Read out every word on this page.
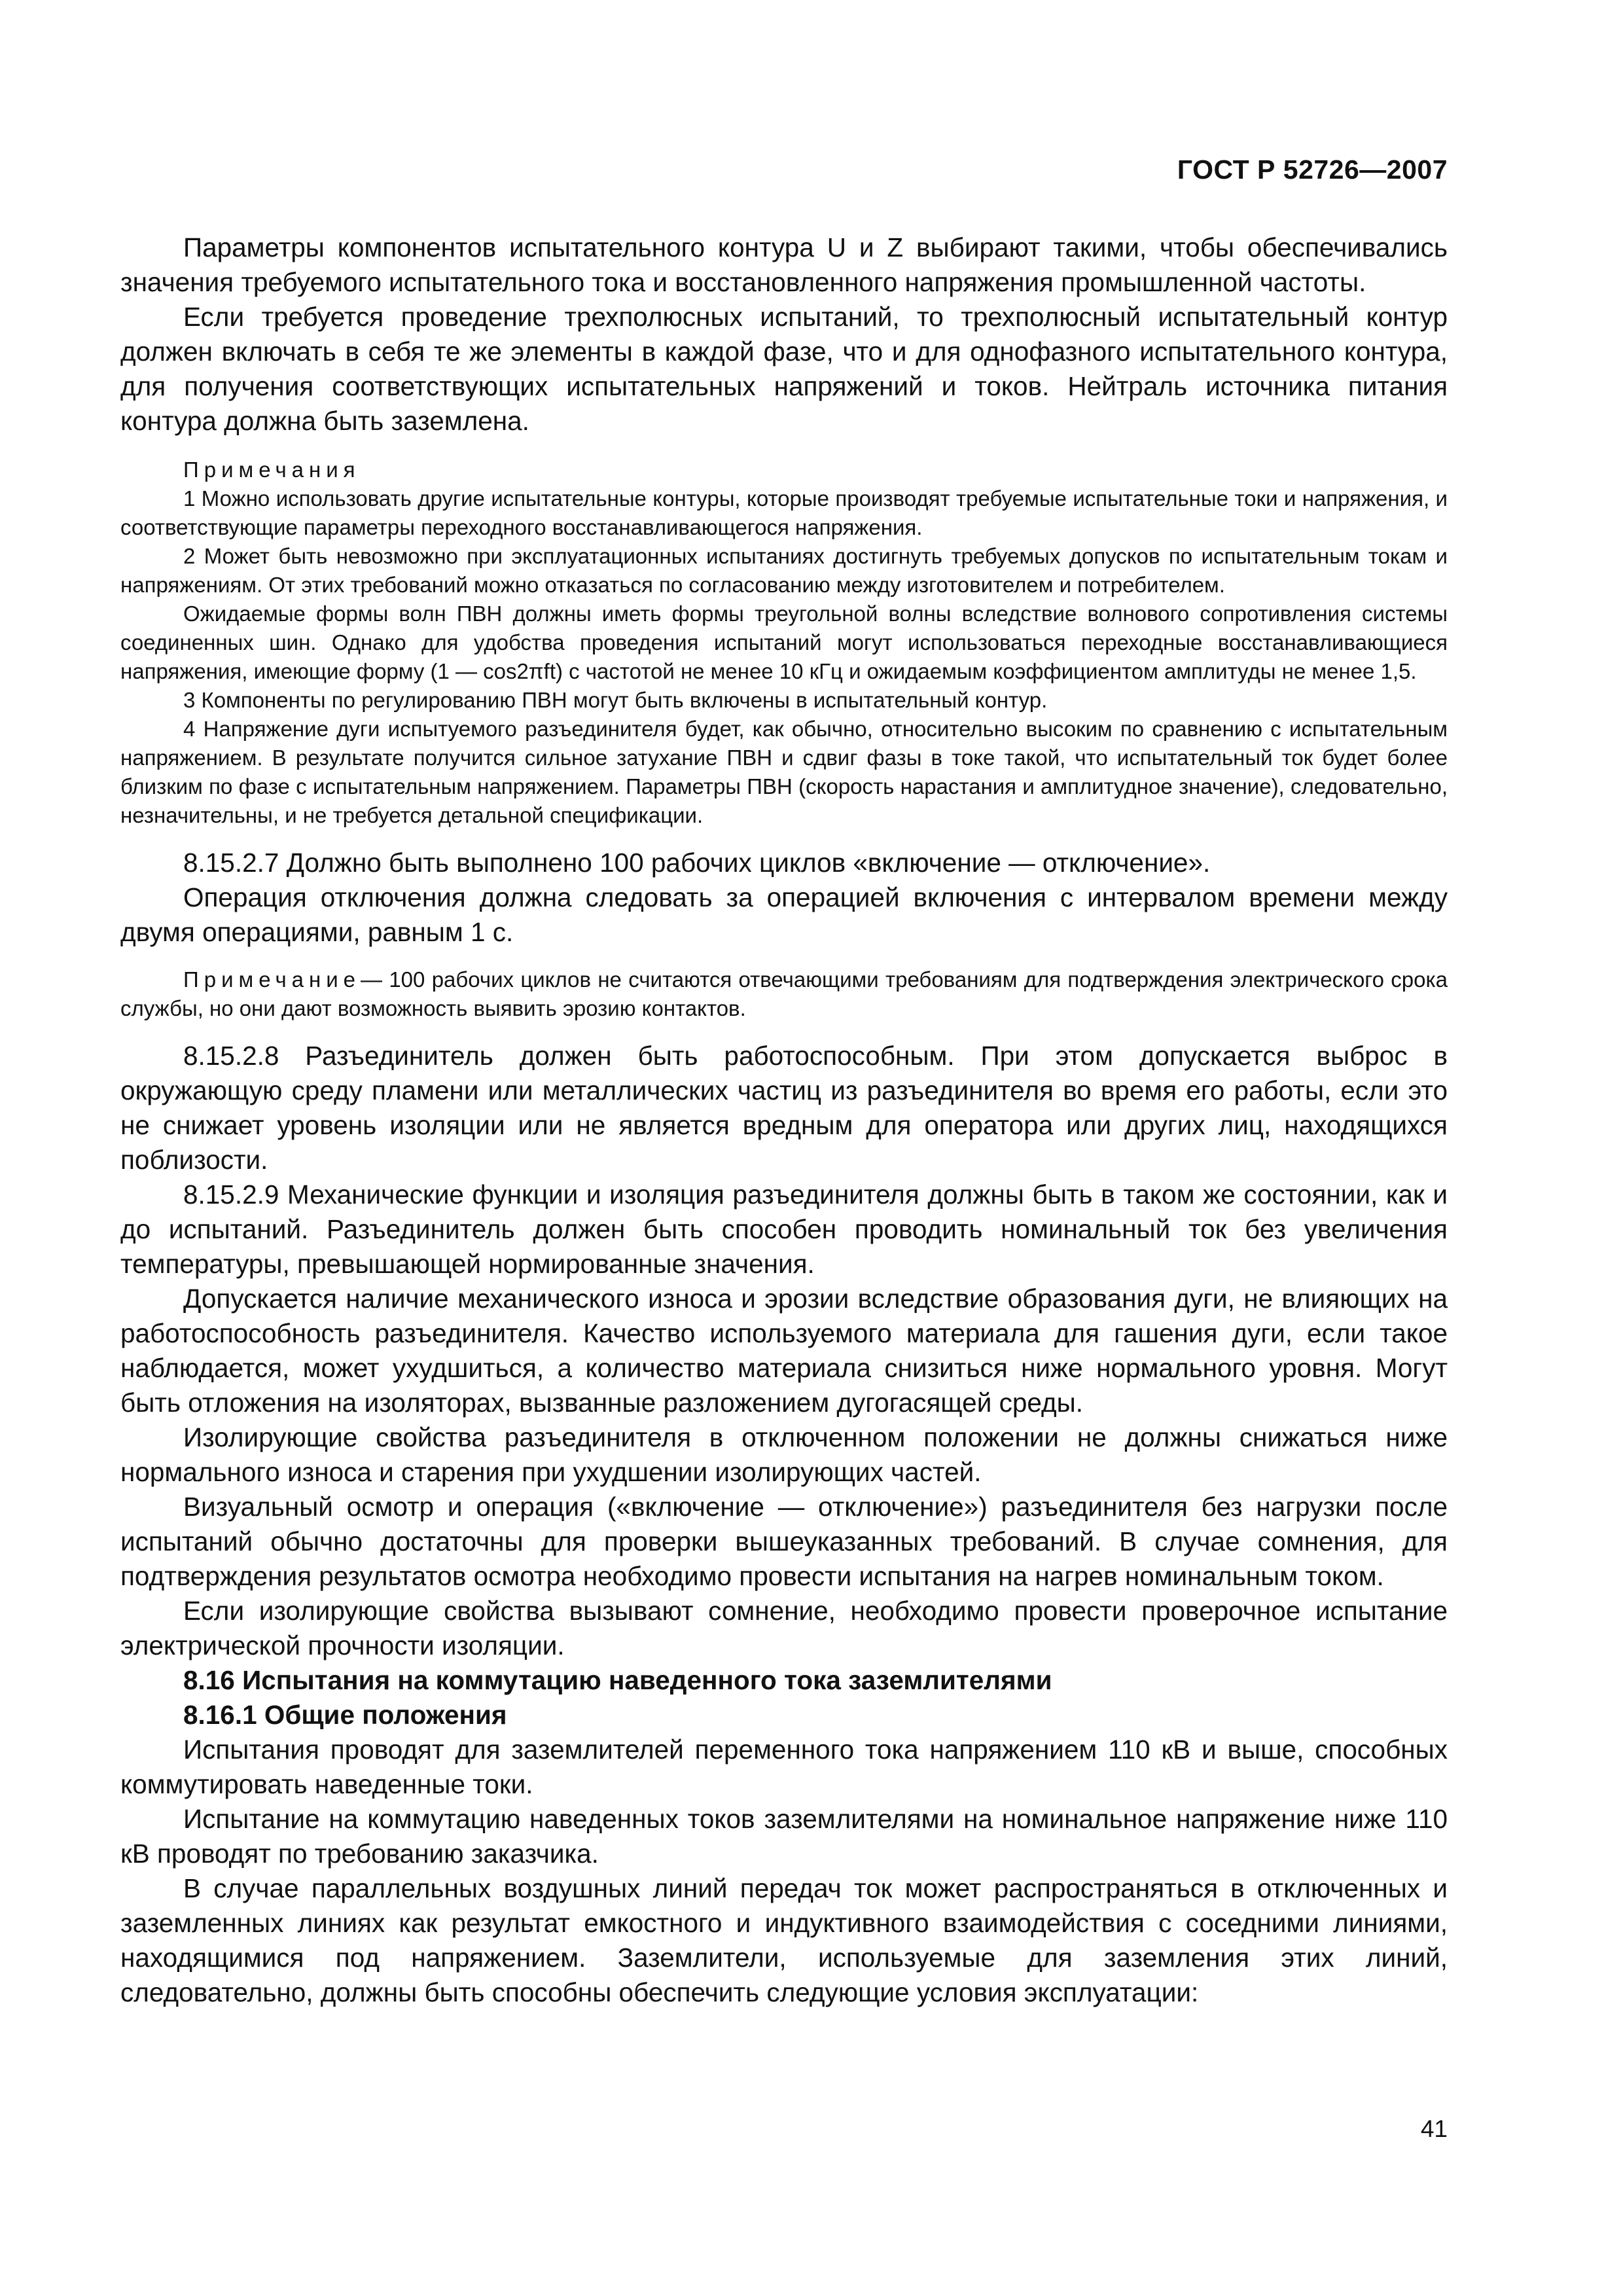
ГОСТ Р 52726—2007

Параметры компонентов испытательного контура U и Z выбирают такими, чтобы обеспечивались значения требуемого испытательного тока и восстановленного напряжения промышленной частоты.

Если требуется проведение трехполюсных испытаний, то трехполюсный испытательный контур должен включать в себя те же элементы в каждой фазе, что и для однофазного испытательного контура, для получения соответствующих испытательных напряжений и токов. Нейтраль источника питания контура должна быть заземлена.

Примечания

1 Можно использовать другие испытательные контуры, которые производят требуемые испытательные токи и напряжения, и соответствующие параметры переходного восстанавливающегося напряжения.

2 Может быть невозможно при эксплуатационных испытаниях достигнуть требуемых допусков по испытательным токам и напряжениям. От этих требований можно отказаться по согласованию между изготовителем и потребителем.

Ожидаемые формы волн ПВН должны иметь формы треугольной волны вследствие волнового сопротивления системы соединенных шин. Однако для удобства проведения испытаний могут использоваться переходные восстанавливающиеся напряжения, имеющие форму (1 — cos2πft) с частотой не менее 10 кГц и ожидаемым коэффициентом амплитуды не менее 1,5.

3 Компоненты по регулированию ПВН могут быть включены в испытательный контур.

4 Напряжение дуги испытуемого разъединителя будет, как обычно, относительно высоким по сравнению с испытательным напряжением. В результате получится сильное затухание ПВН и сдвиг фазы в токе такой, что испытательный ток будет более близким по фазе с испытательным напряжением. Параметры ПВН (скорость нарастания и амплитудное значение), следовательно, незначительны, и не требуется детальной спецификации.

8.15.2.7 Должно быть выполнено 100 рабочих циклов «включение — отключение».

Операция отключения должна следовать за операцией включения с интервалом времени между двумя операциями, равным 1 с.

Примечание— 100 рабочих циклов не считаются отвечающими требованиям для подтверждения электрического срока службы, но они дают возможность выявить эрозию контактов.

8.15.2.8 Разъединитель должен быть работоспособным. При этом допускается выброс в окружающую среду пламени или металлических частиц из разъединителя во время его работы, если это не снижает уровень изоляции или не является вредным для оператора или других лиц, находящихся поблизости.

8.15.2.9 Механические функции и изоляция разъединителя должны быть в таком же состоянии, как и до испытаний. Разъединитель должен быть способен проводить номинальный ток без увеличения температуры, превышающей нормированные значения.

Допускается наличие механического износа и эрозии вследствие образования дуги, не влияющих на работоспособность разъединителя. Качество используемого материала для гашения дуги, если такое наблюдается, может ухудшиться, а количество материала снизиться ниже нормального уровня. Могут быть отложения на изоляторах, вызванные разложением дугогасящей среды.

Изолирующие свойства разъединителя в отключенном положении не должны снижаться ниже нормального износа и старения при ухудшении изолирующих частей.

Визуальный осмотр и операция («включение — отключение») разъединителя без нагрузки после испытаний обычно достаточны для проверки вышеуказанных требований. В случае сомнения, для подтверждения результатов осмотра необходимо провести испытания на нагрев номинальным током.

Если изолирующие свойства вызывают сомнение, необходимо провести проверочное испытание электрической прочности изоляции.

8.16 Испытания на коммутацию наведенного тока заземлителями

8.16.1 Общие положения

Испытания проводят для заземлителей переменного тока напряжением 110 кВ и выше, способных коммутировать наведенные токи.

Испытание на коммутацию наведенных токов заземлителями на номинальное напряжение ниже 110 кВ проводят по требованию заказчика.

В случае параллельных воздушных линий передач ток может распространяться в отключенных и заземленных линиях как результат емкостного и индуктивного взаимодействия с соседними линиями, находящимися под напряжением. Заземлители, используемые для заземления этих линий, следовательно, должны быть способны обеспечить следующие условия эксплуатации:

41
